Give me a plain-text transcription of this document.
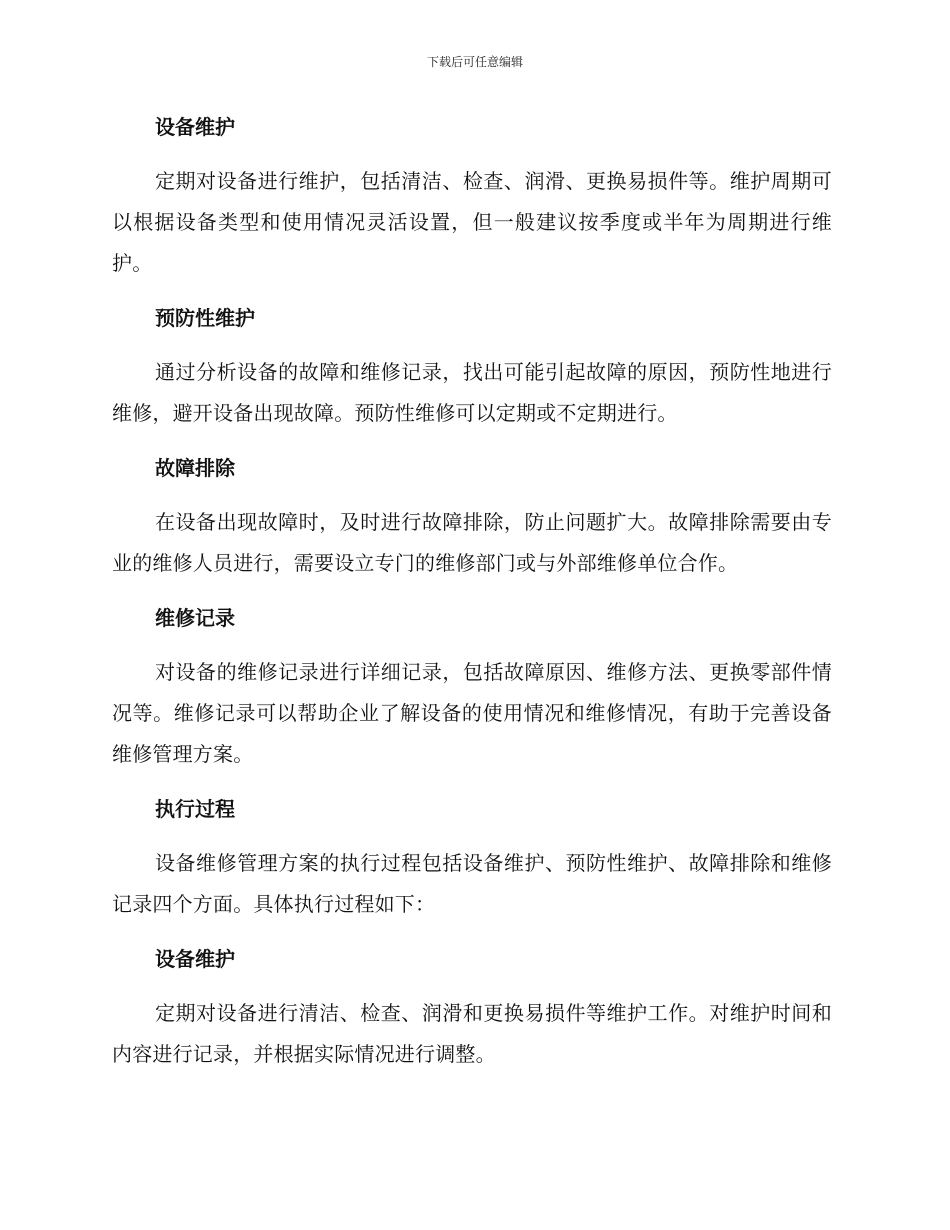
下载后可任意编辑
设备维护

定期对设备进行维护，包括清洁、检查、润滑、更换易损件等。维护周期可以根据设备类型和使用情况灵活设置，但一般建议按季度或半年为周期进行维护。

预防性维护

通过分析设备的故障和维修记录，找出可能引起故障的原因，预防性地进行维修，避开设备出现故障。预防性维修可以定期或不定期进行。

故障排除

在设备出现故障时，及时进行故障排除，防止问题扩大。故障排除需要由专业的维修人员进行，需要设立专门的维修部门或与外部维修单位合作。

维修记录

对设备的维修记录进行详细记录，包括故障原因、维修方法、更换零部件情况等。维修记录可以帮助企业了解设备的使用情况和维修情况，有助于完善设备维修管理方案。

执行过程

设备维修管理方案的执行过程包括设备维护、预防性维护、故障排除和维修记录四个方面。具体执行过程如下：

设备维护

定期对设备进行清洁、检查、润滑和更换易损件等维护工作。对维护时间和内容进行记录，并根据实际情况进行调整。
